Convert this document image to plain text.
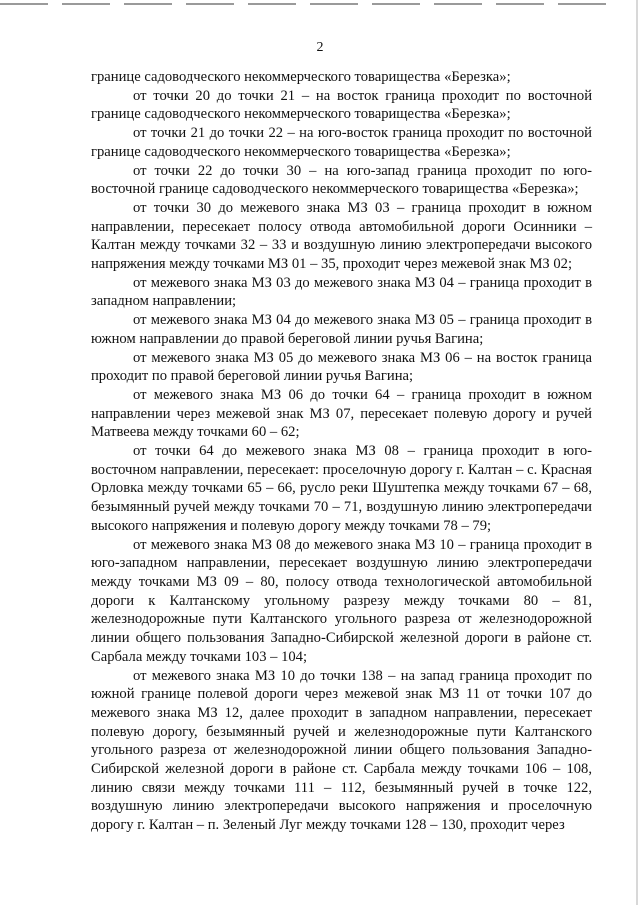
2

границе садоводческого некоммерческого товарищества «Березка»;

от точки 20 до точки 21 – на восток граница проходит по восточной границе садоводческого некоммерческого товарищества «Березка»;

от точки 21 до точки 22 – на юго-восток граница проходит по восточной границе садоводческого некоммерческого товарищества «Березка»;

от точки 22 до точки 30 – на юго-запад граница проходит по юго-восточной границе садоводческого некоммерческого товарищества «Березка»;

от точки 30 до межевого знака МЗ 03 – граница проходит в южном направлении, пересекает полосу отвода автомобильной дороги Осинники – Калтан между точками 32 – 33 и воздушную линию электропередачи высокого напряжения между точками МЗ 01 – 35, проходит через межевой знак МЗ 02;

от межевого знака МЗ 03 до межевого знака МЗ 04 – граница проходит в западном направлении;

от межевого знака МЗ 04 до межевого знака МЗ 05 – граница проходит в южном направлении до правой береговой линии ручья Вагина;

от межевого знака МЗ 05 до межевого знака МЗ 06 – на восток граница проходит по правой береговой линии ручья Вагина;

от межевого знака МЗ 06 до точки 64 – граница проходит в южном направлении через межевой знак МЗ 07, пересекает полевую дорогу и ручей Матвеева между точками 60 – 62;

от точки 64 до межевого знака МЗ 08 – граница проходит в юго-восточном направлении, пересекает: проселочную дорогу г. Калтан – с. Красная Орловка между точками 65 – 66, русло реки Шуштепка между точками 67 – 68, безымянный ручей между точками 70 – 71, воздушную линию электропередачи высокого напряжения и полевую дорогу между точками 78 – 79;

от межевого знака МЗ 08 до межевого знака МЗ 10 – граница проходит в юго-западном направлении, пересекает воздушную линию электропередачи между точками МЗ 09 – 80, полосу отвода технологической автомобильной дороги к Калтанскому угольному разрезу между точками 80 – 81, железнодорожные пути Калтанского угольного разреза от железнодорожной линии общего пользования Западно-Сибирской железной дороги в районе ст. Сарбала между точками 103 – 104;

от межевого знака МЗ 10 до точки 138 – на запад граница проходит по южной границе полевой дороги через межевой знак МЗ 11 от точки 107 до межевого знака МЗ 12, далее проходит в западном направлении, пересекает полевую дорогу, безымянный ручей и железнодорожные пути Калтанского угольного разреза от железнодорожной линии общего пользования Западно-Сибирской железной дороги в районе ст. Сарбала между точками 106 – 108, линию связи между точками 111 – 112, безымянный ручей в точке 122, воздушную линию электропередачи высокого напряжения и проселочную дорогу г. Калтан – п. Зеленый Луг между точками 128 – 130, проходит через
